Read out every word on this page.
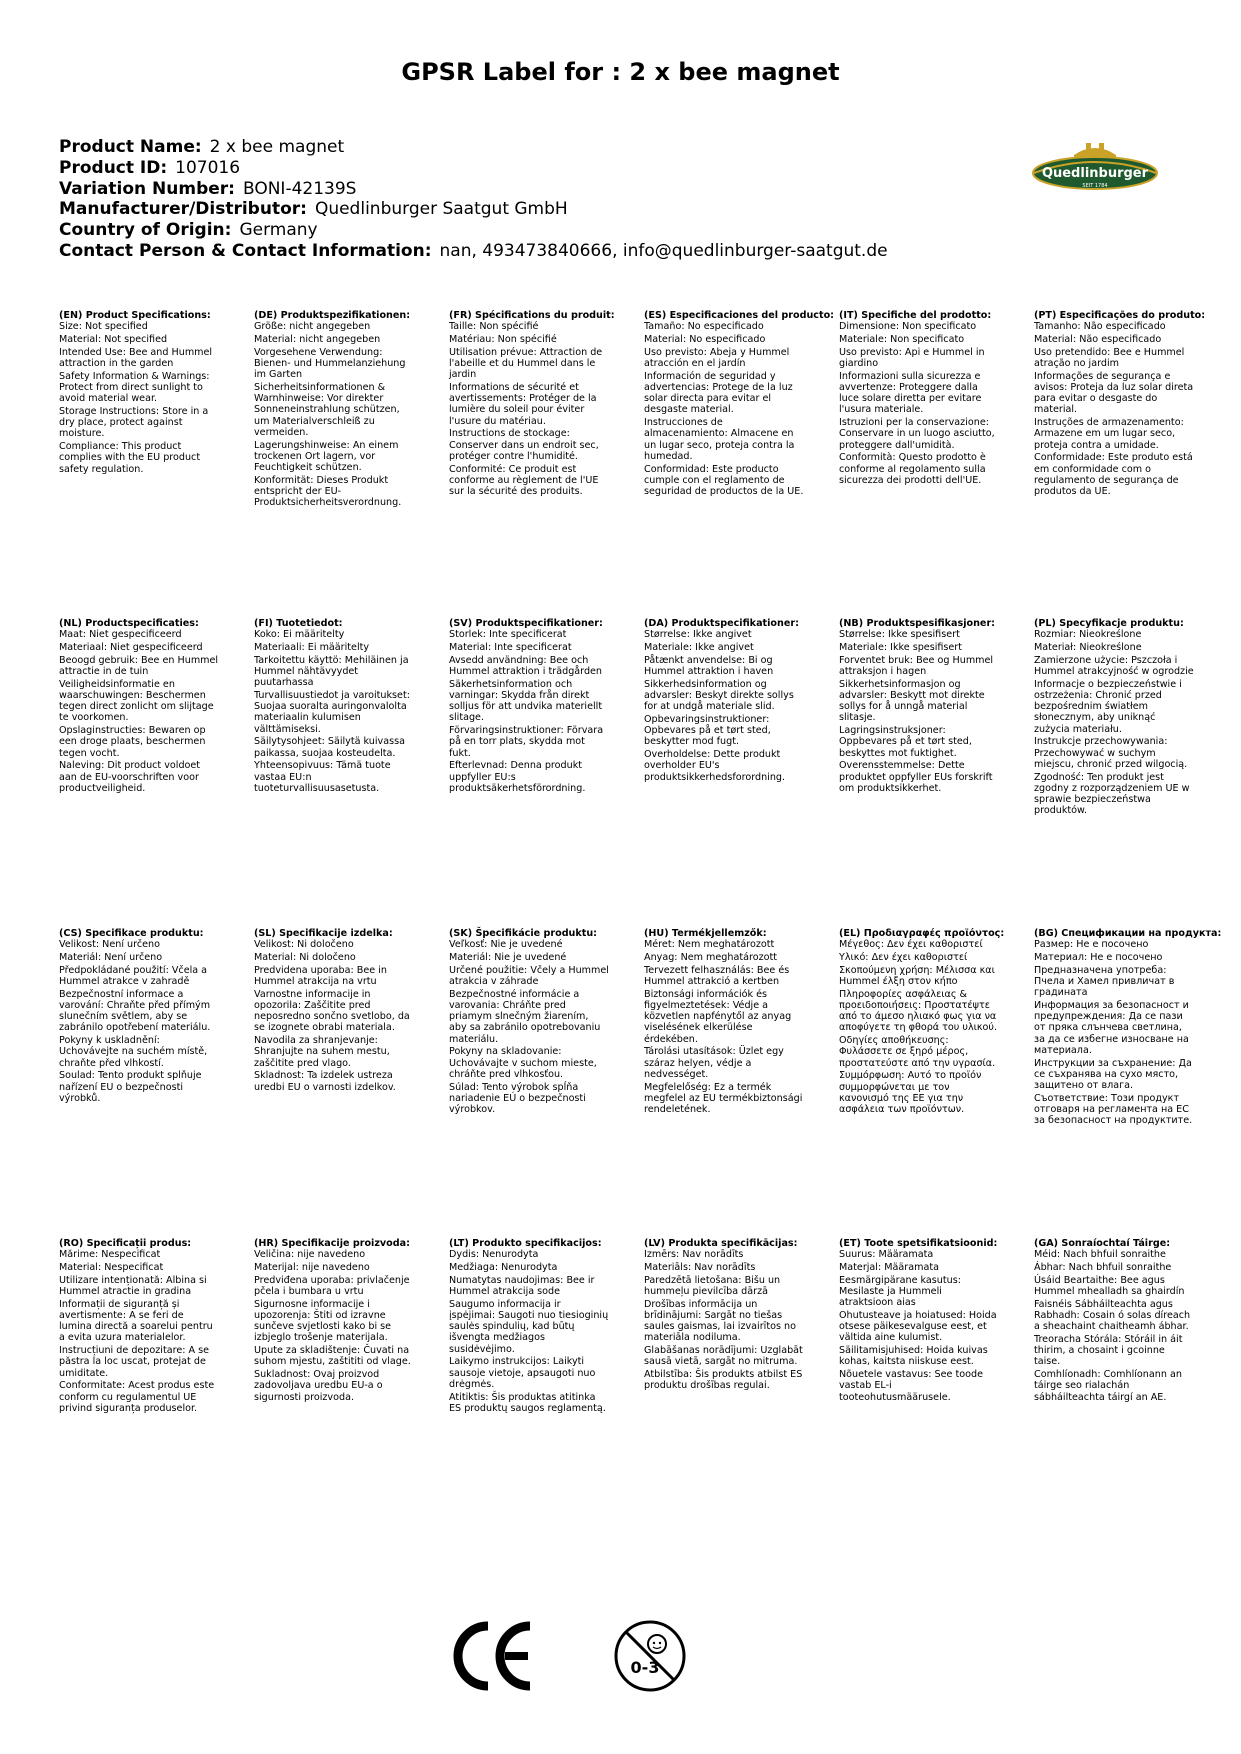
GPSR Label for : 2 x bee magnet
Product Name: 2 x bee magnet
Product ID: 107016
Variation Number: BONI-42139S
Manufacturer/Distributor: Quedlinburger Saatgut GmbH
Country of Origin: Germany
Contact Person & Contact Information: nan, 493473840666, info@quedlinburger-saatgut.de
Quedlinburger
SEIT 1784
(EN) Product Specifications:

Size: Not specified

Material: Not specified

Intended Use: Bee and Hummel attraction in the garden

Safety Information & Warnings: Protect from direct sunlight to avoid material wear.

Storage Instructions: Store in a dry place, protect against moisture.

Compliance: This product complies with the EU product safety regulation.

(DE) Produktspezifikationen:

Größe: nicht angegeben

Material: nicht angegeben

Vorgesehene Verwendung: Bienen- und Hummelanziehung im Garten

Sicherheitsinformationen & Warnhinweise: Vor direkter Sonneneinstrahlung schützen, um Materialverschleiß zu vermeiden.

Lagerungshinweise: An einem trockenen Ort lagern, vor Feuchtigkeit schützen.

Konformität: Dieses Produkt entspricht der EU-Produktsicherheitsverordnung.

(FR) Spécifications du produit:

Taille: Non spécifié

Matériau: Non spécifié

Utilisation prévue: Attraction de l'abeille et du Hummel dans le jardin

Informations de sécurité et avertissements: Protéger de la lumière du soleil pour éviter l'usure du matériau.

Instructions de stockage: Conserver dans un endroit sec, protéger contre l'humidité.

Conformité: Ce produit est conforme au règlement de l'UE sur la sécurité des produits.

(ES) Especificaciones del producto:

Tamaño: No especificado

Material: No especificado

Uso previsto: Abeja y Hummel atracción en el jardín

Información de seguridad y advertencias: Protege de la luz solar directa para evitar el desgaste material.

Instrucciones de almacenamiento: Almacene en un lugar seco, proteja contra la humedad.

Conformidad: Este producto cumple con el reglamento de seguridad de productos de la UE.

(IT) Specifiche del prodotto:

Dimensione: Non specificato

Materiale: Non specificato

Uso previsto: Api e Hummel in giardino

Informazioni sulla sicurezza e avvertenze: Proteggere dalla luce solare diretta per evitare l'usura materiale.

Istruzioni per la conservazione: Conservare in un luogo asciutto, proteggere dall'umidità.

Conformità: Questo prodotto è conforme al regolamento sulla sicurezza dei prodotti dell'UE.

(PT) Especificações do produto:

Tamanho: Não especificado

Material: Não especificado

Uso pretendido: Bee e Hummel atração no jardim

Informações de segurança e avisos: Proteja da luz solar direta para evitar o desgaste do material.

Instruções de armazenamento: Armazene em um lugar seco, proteja contra a umidade.

Conformidade: Este produto está em conformidade com o regulamento de segurança de produtos da UE.

(NL) Productspecificaties:

Maat: Niet gespecificeerd

Materiaal: Niet gespecificeerd

Beoogd gebruik: Bee en Hummel attractie in de tuin

Veiligheidsinformatie en waarschuwingen: Beschermen tegen direct zonlicht om slijtage te voorkomen.

Opslaginstructies: Bewaren op een droge plaats, beschermen tegen vocht.

Naleving: Dit product voldoet aan de EU-voorschriften voor productveiligheid.

(FI) Tuotetiedot:

Koko: Ei määritelty

Materiaali: Ei määritelty

Tarkoitettu käyttö: Mehiläinen ja Hummel nähtävyydet puutarhassa

Turvallisuustiedot ja varoitukset: Suojaa suoralta auringonvalolta materiaalin kulumisen välttämiseksi.

Säilytysohjeet: Säilytä kuivassa paikassa, suojaa kosteudelta.

Yhteensopivuus: Tämä tuote vastaa EU:n tuoteturvallisuusasetusta.

(SV) Produktspecifikationer:

Storlek: Inte specificerat

Material: Inte specificerat

Avsedd användning: Bee och Hummel attraktion i trädgården

Säkerhetsinformation och varningar: Skydda från direkt solljus för att undvika materiellt slitage.

Förvaringsinstruktioner: Förvara på en torr plats, skydda mot fukt.

Efterlevnad: Denna produkt uppfyller EU:s produktsäkerhetsförordning.

(DA) Produktspecifikationer:

Størrelse: Ikke angivet

Materiale: Ikke angivet

Påtænkt anvendelse: Bi og Hummel attraktion i haven

Sikkerhedsinformation og advarsler: Beskyt direkte sollys for at undgå materiale slid.

Opbevaringsinstruktioner: Opbevares på et tørt sted, beskytter mod fugt.

Overholdelse: Dette produkt overholder EU's produktsikkerhedsforordning.

(NB) Produktspesifikasjoner:

Størrelse: Ikke spesifisert

Materiale: Ikke spesifisert

Forventet bruk: Bee og Hummel attraksjon i hagen

Sikkerhetsinformasjon og advarsler: Beskytt mot direkte sollys for å unngå material slitasje.

Lagringsinstruksjoner: Oppbevares på et tørt sted, beskyttes mot fuktighet.

Overensstemmelse: Dette produktet oppfyller EUs forskrift om produktsikkerhet.

(PL) Specyfikacje produktu:

Rozmiar: Nieokreślone

Materiał: Nieokreślone

Zamierzone użycie: Pszczoła i Hummel atrakcyjność w ogrodzie

Informacje o bezpieczeństwie i ostrzeżenia: Chronić przed bezpośrednim światłem słonecznym, aby uniknąć zużycia materiału.

Instrukcje przechowywania: Przechowywać w suchym miejscu, chronić przed wilgocią.

Zgodność: Ten produkt jest zgodny z rozporządzeniem UE w sprawie bezpieczeństwa produktów.

(CS) Specifikace produktu:

Velikost: Není určeno

Materiál: Není určeno

Předpokládané použití: Včela a Hummel atrakce v zahradě

Bezpečnostní informace a varování: Chraňte před přímým slunečním světlem, aby se zabránilo opotřebení materiálu.

Pokyny k uskladnění: Uchovávejte na suchém místě, chraňte před vlhkostí.

Soulad: Tento produkt splňuje nařízení EU o bezpečnosti výrobků.

(SL) Specifikacije izdelka:

Velikost: Ni določeno

Material: Ni določeno

Predvidena uporaba: Bee in Hummel atrakcija na vrtu

Varnostne informacije in opozorila: Zaščitite pred neposredno sončno svetlobo, da se izognete obrabi materiala.

Navodila za shranjevanje: Shranjujte na suhem mestu, zaščitite pred vlago.

Skladnost: Ta izdelek ustreza uredbi EU o varnosti izdelkov.

(SK) Špecifikácie produktu:

Veľkosť: Nie je uvedené

Materiál: Nie je uvedené

Určené použitie: Včely a Hummel atrakcia v záhrade

Bezpečnostné informácie a varovania: Chráňte pred priamym slnečným žiarením, aby sa zabránilo opotrebovaniu materiálu.

Pokyny na skladovanie: Uchovávajte v suchom mieste, chráňte pred vlhkosťou.

Súlad: Tento výrobok spĺňa nariadenie EÚ o bezpečnosti výrobkov.

(HU) Termékjellemzők:

Méret: Nem meghatározott

Anyag: Nem meghatározott

Tervezett felhasználás: Bee és Hummel attrakció a kertben

Biztonsági információk és figyelmeztetések: Védje a közvetlen napfénytől az anyag viselésének elkerülése érdekében.

Tárolási utasítások: Üzlet egy száraz helyen, védje a nedvességet.

Megfelelőség: Ez a termék megfelel az EU termékbiztonsági rendeletének.

(EL) Προδιαγραφές προϊόντος:

Μέγεθος: Δεν έχει καθοριστεί

Υλικό: Δεν έχει καθοριστεί

Σκοπούμενη χρήση: Μέλισσα και Hummel έλξη στον κήπο

Πληροφορίες ασφάλειας & προειδοποιήσεις: Προστατέψτε από το άμεσο ηλιακό φως για να αποφύγετε τη φθορά του υλικού.

Οδηγίες αποθήκευσης: Φυλάσσετε σε ξηρό μέρος, προστατεύστε από την υγρασία.

Συμμόρφωση: Αυτό το προϊόν συμμορφώνεται με τον κανονισμό της ΕΕ για την ασφάλεια των προϊόντων.

(BG) Спецификации на продукта:

Размер: Не е посочено

Материал: Не е посочено

Предназначена употреба: Пчела и Хамел привличат в градината

Информация за безопасност и предупреждения: Да се пази от пряка слънчева светлина, за да се избегне износване на материала.

Инструкции за съхранение: Да се съхранява на сухо място, защитено от влага.

Съответствие: Този продукт отговаря на регламента на ЕС за безопасност на продуктите.

(RO) Specificații produs:

Mărime: Nespecificat

Material: Nespecificat

Utilizare intenționată: Albina si Hummel atractie in gradina

Informații de siguranță și avertismente: A se feri de lumina directă a soarelui pentru a evita uzura materialelor.

Instrucțiuni de depozitare: A se păstra la loc uscat, protejat de umiditate.

Conformitate: Acest produs este conform cu regulamentul UE privind siguranța produselor.

(HR) Specifikacije proizvoda:

Veličina: nije navedeno

Materijal: nije navedeno

Predviđena uporaba: privlačenje pčela i bumbara u vrtu

Sigurnosne informacije i upozorenja: Štiti od izravne sunčeve svjetlosti kako bi se izbjeglo trošenje materijala.

Upute za skladištenje: Čuvati na suhom mjestu, zaštititi od vlage.

Sukladnost: Ovaj proizvod zadovoljava uredbu EU-a o sigurnosti proizvoda.

(LT) Produkto specifikacijos:

Dydis: Nenurodyta

Medžiaga: Nenurodyta

Numatytas naudojimas: Bee ir Hummel atrakcija sode

Saugumo informacija ir įspėjimai: Saugoti nuo tiesioginių saulės spindulių, kad būtų išvengta medžiagos susidėvėjimo.

Laikymo instrukcijos: Laikyti sausoje vietoje, apsaugoti nuo drėgmės.

Atitiktis: Šis produktas atitinka ES produktų saugos reglamentą.

(LV) Produkta specifikācijas:

Izmērs: Nav norādīts

Materiāls: Nav norādīts

Paredzētā lietošana: Bišu un hummeļu pievilcība dārzā

Drošības informācija un brīdinājumi: Sargāt no tiešas saules gaismas, lai izvairītos no materiāla nodiluma.

Glabāšanas norādījumi: Uzglabāt sausā vietā, sargāt no mitruma.

Atbilstība: Šis produkts atbilst ES produktu drošības regulai.

(ET) Toote spetsifikatsioonid:

Suurus: Määramata

Materjal: Määramata

Eesmärgipärane kasutus: Mesilaste ja Hummeli atraktsioon aias

Ohutusteave ja hoiatused: Hoida otsese päikesevalguse eest, et vältida aine kulumist.

Säilitamisjuhised: Hoida kuivas kohas, kaitsta niiskuse eest.

Nõuetele vastavus: See toode vastab EL-i tooteohutusmäärusele.

(GA) Sonraíochtaí Táirge:

Méid: Nach bhfuil sonraithe

Ábhar: Nach bhfuil sonraithe

Úsáid Beartaithe: Bee agus Hummel mhealladh sa ghairdín

Faisnéis Sábháilteachta agus Rabhadh: Cosain ó solas díreach a sheachaint chaitheamh ábhar.

Treoracha Stórála: Stóráil in áit thirim, a chosaint i gcoinne taise.

Comhlíonadh: Comhlíonann an táirge seo rialachán sábháilteachta táirgí an AE.

0-3
